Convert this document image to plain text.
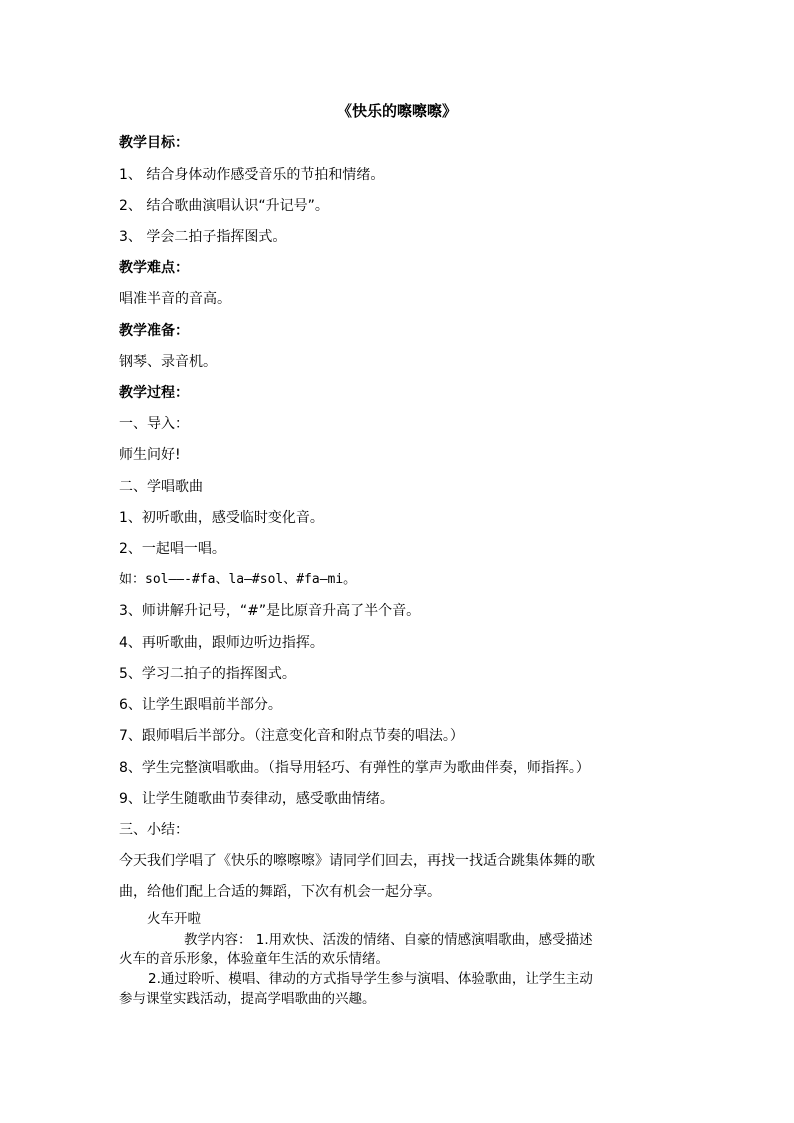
《快乐的嚓嚓嚓》
教学目标：
1、 结合身体动作感受音乐的节拍和情绪。
2、 结合歌曲演唱认识“升记号”。
3、 学会二拍子指挥图式。
教学难点：
唱准半音的音高。
教学准备：
钢琴、录音机。
教学过程：
一、导入：
师生问好!
二、学唱歌曲
1、初听歌曲，感受临时变化音。
2、一起唱一唱。
如：sol——-#fa、la—#sol、#fa—mi。
3、师讲解升记号，“#”是比原音升高了半个音。
4、再听歌曲，跟师边听边指挥。
5、学习二拍子的指挥图式。
6、让学生跟唱前半部分。
7、跟师唱后半部分。（注意变化音和附点节奏的唱法。）
8、学生完整演唱歌曲。（指导用轻巧、有弹性的掌声为歌曲伴奏，师指挥。）
9、让学生随歌曲节奏律动，感受歌曲情绪。
三、小结：
今天我们学唱了《快乐的嚓嚓嚓》请同学们回去，再找一找适合跳集体舞的歌
曲，给他们配上合适的舞蹈，下次有机会一起分享。
火车开啦
教学内容： 1.用欢快、活泼的情绪、自豪的情感演唱歌曲，感受描述
火车的音乐形象，体验童年生活的欢乐情绪。
2.通过聆听、模唱、律动的方式指导学生参与演唱、体验歌曲，让学生主动
参与课堂实践活动，提高学唱歌曲的兴趣。
